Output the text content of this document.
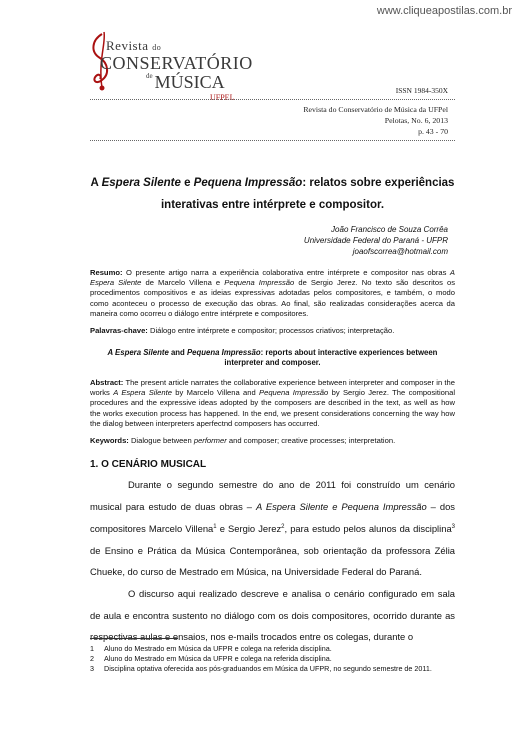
www.cliqueapostilas.com.br
Revista do
CONSERVATÓRIO
$^{de}$ MÚSICA
UFPEL
ISSN 1984-350X
Revista do Conservatório de Música da UFPel
Pelotas, No. 6, 2013
p. 43 - 70
A Espera Silente e Pequena Impressão: relatos sobre experiências
interativas entre intérprete e compositor.
João Francisco de Souza Corrêa
Universidade Federal do Paraná - UFPR
joaofscorrea@hotmail.com
Resumo: O presente artigo narra a experiência colaborativa entre intérprete e compositor nas obras A Espera Silente de Marcelo Villena e Pequena Impressão de Sergio Jerez. No texto são descritos os procedimentos compositivos e as ideias expressivas adotadas pelos compositores, e também, o modo como aconteceu o processo de execução das obras. Ao final, são realizadas considerações acerca da maneira como ocorreu o diálogo entre intérprete e compositores.
Palavras-chave: Diálogo entre intérprete e compositor; processos criativos; interpretação.
A Espera Silente and Pequena Impressão: reports about interactive experiences between
interpreter and composer.
Abstract: The present article narrates the collaborative experience between interpreter and composer in the works A Espera Silente by Marcelo Villena and Pequena Impressão by Sergio Jerez. The compositional procedures and the expressive ideas adopted by the composers are described in the text, as well as how the works execution process has happened. In the end, we present considerations concerning the way how the dialog between interpreters aperfectnd composers has occurred.
Keywords: Dialogue between performer and composer; creative processes; interpretation.
1. O CENÁRIO MUSICAL
Durante o segundo semestre do ano de 2011 foi construído um cenário musical para estudo de duas obras – A Espera Silente e Pequena Impressão – dos compositores Marcelo Villena$^1$ e Sergio Jerez$^2$, para estudo pelos alunos da disciplina$^3$ de Ensino e Prática da Música Contemporânea, sob orientação da professora Zélia Chueke, do curso de Mestrado em Música, na Universidade Federal do Paraná.
O discurso aqui realizado descreve e analisa o cenário configurado em sala de aula e encontra sustento no diálogo com os dois compositores, ocorrido durante as respectivas aulas e ensaios, nos e-mails trocados entre os colegas, durante o
1	Aluno do Mestrado em Música da UFPR e colega na referida disciplina.
2	Aluno do Mestrado em Música da UFPR e colega na referida disciplina.
3	Disciplina optativa oferecida aos pós-graduandos em Música da UFPR, no segundo semestre de 2011.
